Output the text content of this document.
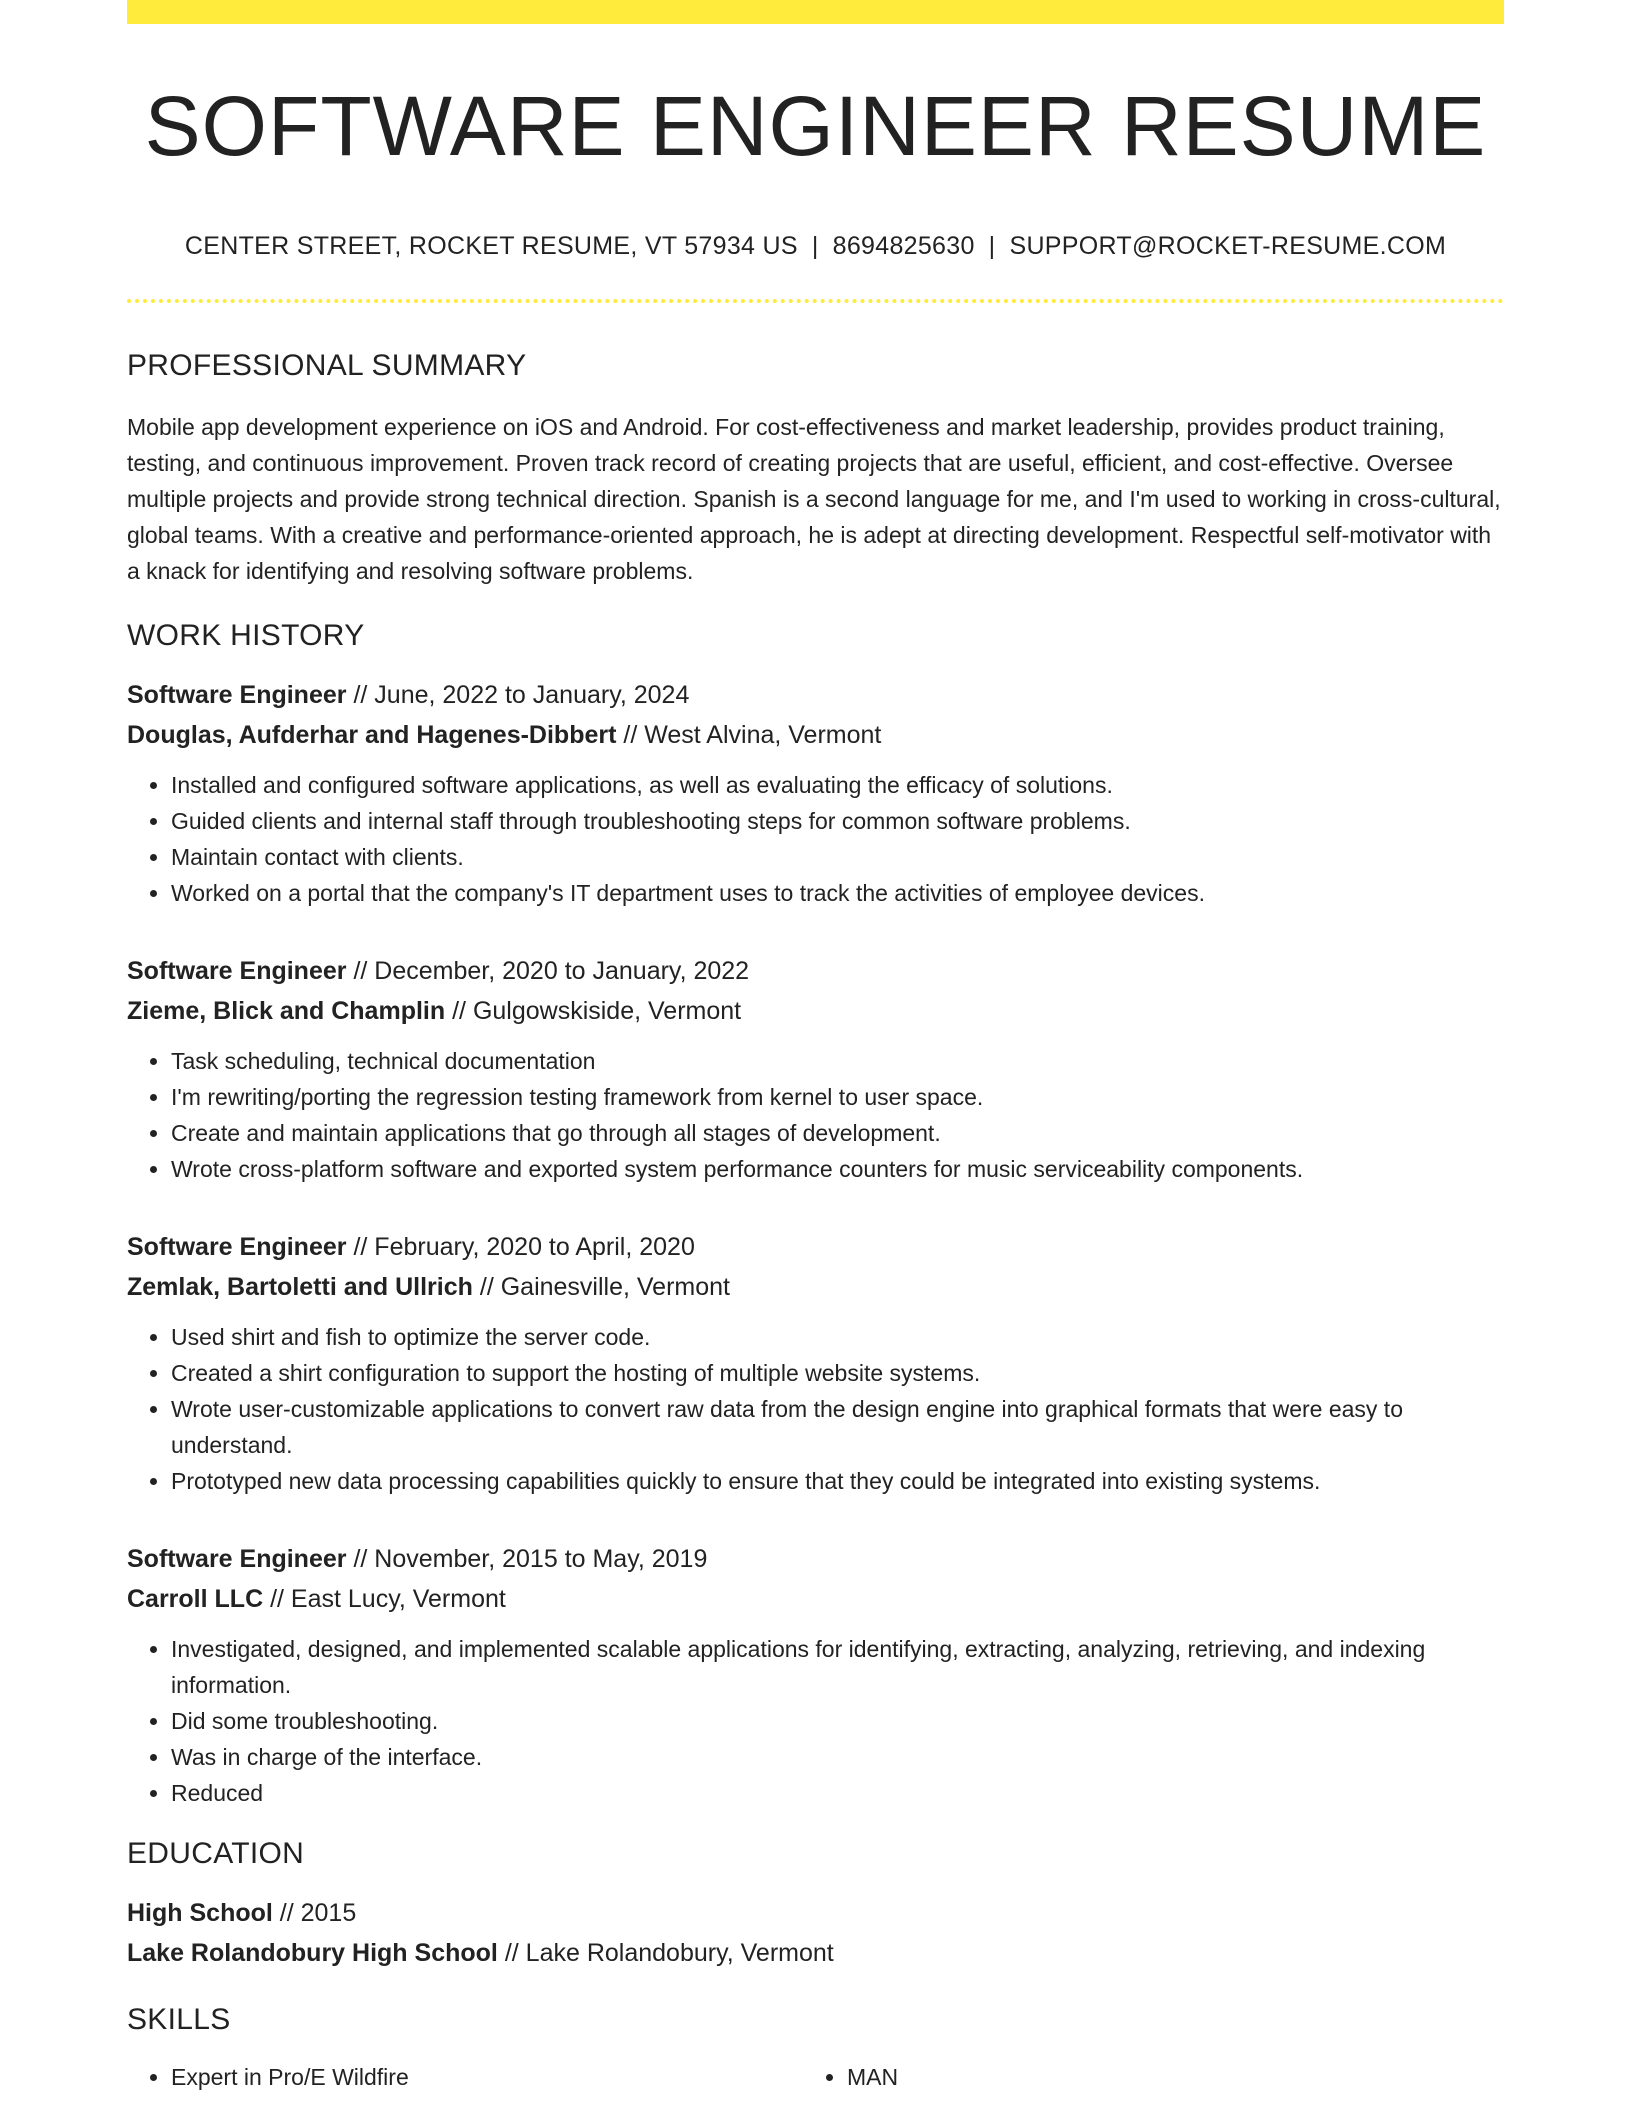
SOFTWARE ENGINEER RESUME
CENTER STREET, ROCKET RESUME, VT 57934 US | 8694825630 | SUPPORT@ROCKET-RESUME.COM
PROFESSIONAL SUMMARY

Mobile app development experience on iOS and Android. For cost-effectiveness and market leadership, provides product training, testing, and continuous improvement. Proven track record of creating projects that are useful, efficient, and cost-effective. Oversee multiple projects and provide strong technical direction. Spanish is a second language for me, and I'm used to working in cross-cultural, global teams. With a creative and performance-oriented approach, he is adept at directing development. Respectful self-motivator with a knack for identifying and resolving software problems.

WORK HISTORY
Software Engineer // June, 2022 to January, 2024
Douglas, Aufderhar and Hagenes-Dibbert // West Alvina, Vermont
• Installed and configured software applications, as well as evaluating the efficacy of solutions.
• Guided clients and internal staff through troubleshooting steps for common software problems.
• Maintain contact with clients.
• Worked on a portal that the company's IT department uses to track the activities of employee devices.
Software Engineer // December, 2020 to January, 2022
Zieme, Blick and Champlin // Gulgowskiside, Vermont
• Task scheduling, technical documentation
• I'm rewriting/porting the regression testing framework from kernel to user space.
• Create and maintain applications that go through all stages of development.
• Wrote cross-platform software and exported system performance counters for music serviceability components.
Software Engineer // February, 2020 to April, 2020
Zemlak, Bartoletti and Ullrich // Gainesville, Vermont
• Used shirt and fish to optimize the server code.
• Created a shirt configuration to support the hosting of multiple website systems.
• Wrote user-customizable applications to convert raw data from the design engine into graphical formats that were easy to understand.
• Prototyped new data processing capabilities quickly to ensure that they could be integrated into existing systems.
Software Engineer // November, 2015 to May, 2019
Carroll LLC // East Lucy, Vermont
• Investigated, designed, and implemented scalable applications for identifying, extracting, analyzing, retrieving, and indexing information.
• Did some troubleshooting.
• Was in charge of the interface.
• Reduced
EDUCATION
High School // 2015
Lake Rolandobury High School // Lake Rolandobury, Vermont
SKILLS
• Expert in Pro/E Wildfire
•	MAN
